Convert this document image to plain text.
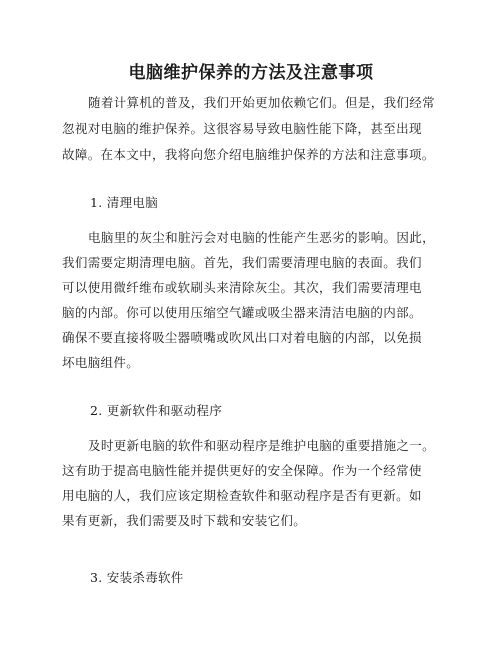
电脑维护保养的方法及注意事项
随着计算机的普及，我们开始更加依赖它们。但是，我们经常
忽视对电脑的维护保养。这很容易导致电脑性能下降，甚至出现
故障。在本文中，我将向您介绍电脑维护保养的方法和注意事项。
1. 清理电脑
电脑里的灰尘和脏污会对电脑的性能产生恶劣的影响。因此，
我们需要定期清理电脑。首先，我们需要清理电脑的表面。我们
可以使用微纤维布或软刷头来清除灰尘。其次，我们需要清理电
脑的内部。你可以使用压缩空气罐或吸尘器来清洁电脑的内部。
确保不要直接将吸尘器喷嘴或吹风出口对着电脑的内部，以免损
坏电脑组件。
2. 更新软件和驱动程序
及时更新电脑的软件和驱动程序是维护电脑的重要措施之一。
这有助于提高电脑性能并提供更好的安全保障。作为一个经常使
用电脑的人，我们应该定期检查软件和驱动程序是否有更新。如
果有更新，我们需要及时下载和安装它们。
3. 安装杀毒软件
